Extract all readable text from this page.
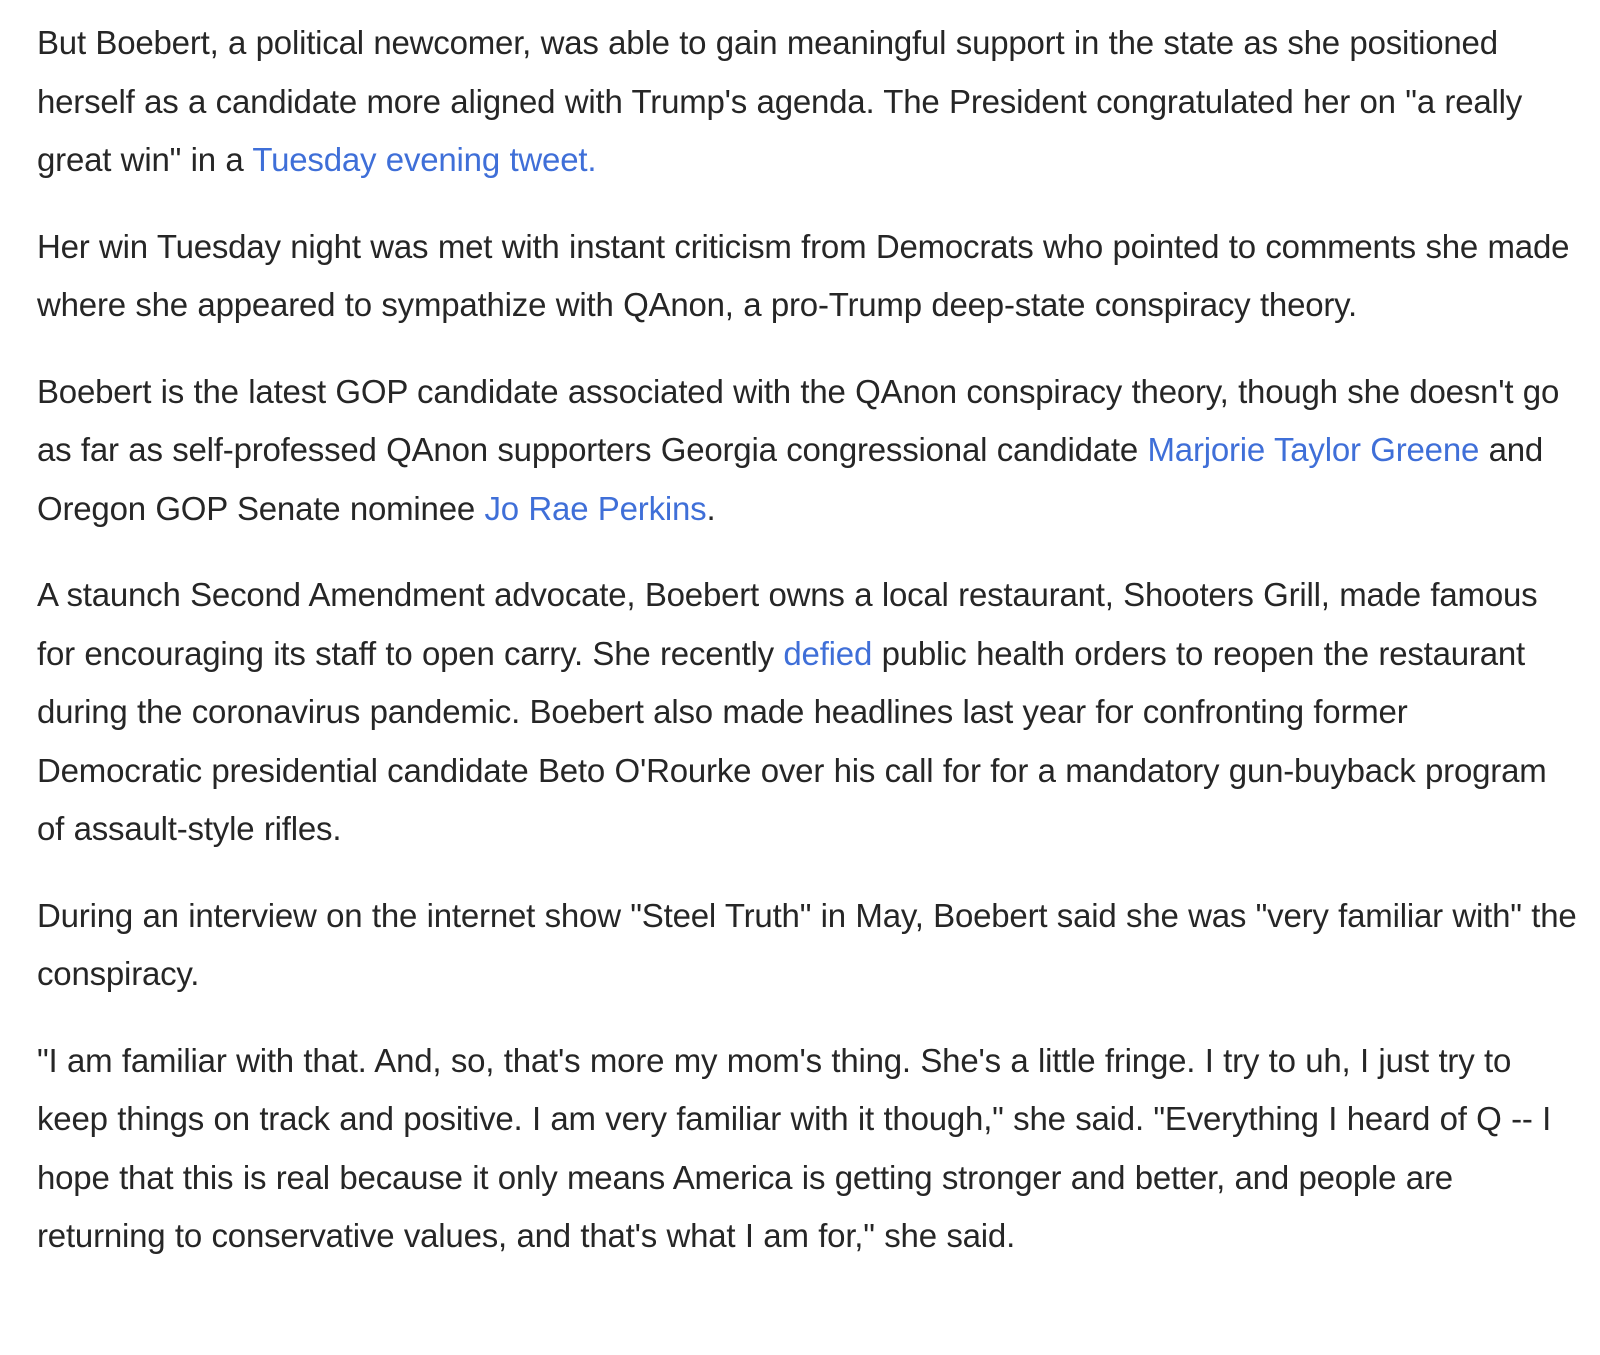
But Boebert, a political newcomer, was able to gain meaningful support in the state as she positioned herself as a candidate more aligned with Trump's agenda. The President congratulated her on "a really great win" in a Tuesday evening tweet.

Her win Tuesday night was met with instant criticism from Democrats who pointed to comments she made where she appeared to sympathize with QAnon, a pro-Trump deep-state conspiracy theory.

Boebert is the latest GOP candidate associated with the QAnon conspiracy theory, though she doesn't go as far as self-professed QAnon supporters Georgia congressional candidate Marjorie Taylor Greene and Oregon GOP Senate nominee Jo Rae Perkins.

A staunch Second Amendment advocate, Boebert owns a local restaurant, Shooters Grill, made famous for encouraging its staff to open carry. She recently defied public health orders to reopen the restaurant during the coronavirus pandemic. Boebert also made headlines last year for confronting former Democratic presidential candidate Beto O'Rourke over his call for for a mandatory gun-buyback program of assault-style rifles.

During an interview on the internet show "Steel Truth" in May, Boebert said she was "very familiar with" the conspiracy.

"I am familiar with that. And, so, that's more my mom's thing. She's a little fringe. I try to uh, I just try to keep things on track and positive. I am very familiar with it though," she said. "Everything I heard of Q -- I hope that this is real because it only means America is getting stronger and better, and people are returning to conservative values, and that's what I am for," she said.
